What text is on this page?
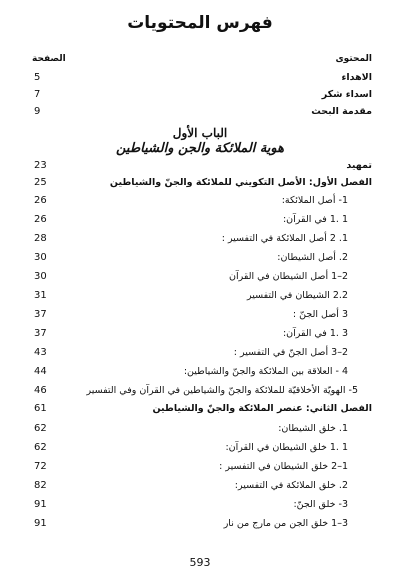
فهرس المحتويات
المحتوى
الصفحة
الاهداء
5
اسداء شكر
7
مقدمة البحث
9
الباب الأول
هوية الملائكة والجن والشياطين
تمهيد
23
الفصل الأول: الأصل التكويني للملائكة والجنّ والشياطين
25
1- أصل الملائكة:
26
1 .1 في القرآن:
26
1. 2 أصل الملائكة في التفسير :
28
2. أصل الشيطان:
30
2–1 أصل الشيطان في القرآن
30
2.2 الشيطان في التفسير
31
3 أصل الجنّ :
37
3 .1 في القرآن:
37
2–3 أصل الجنّ في التفسير :
43
4 - العلاقة بين الملائكة والجنّ والشياطين:
44
5- الهويّة الأخلاقيّة للملائكة والجنّ والشياطين في القرآن وفي التفسير
46
الفصل الثاني: عنصر الملائكة والجنّ والشياطين
61
1. خلق الشيطان:
62
1 .1 خلق الشيطان في القرآن:
62
1–2 خلق الشيطان في التفسير :
72
2. خلق الملائكة في التفسير:
82
3- خلق الجنّ:
91
3–1 خلق الجن من مارج من نار
91
593
